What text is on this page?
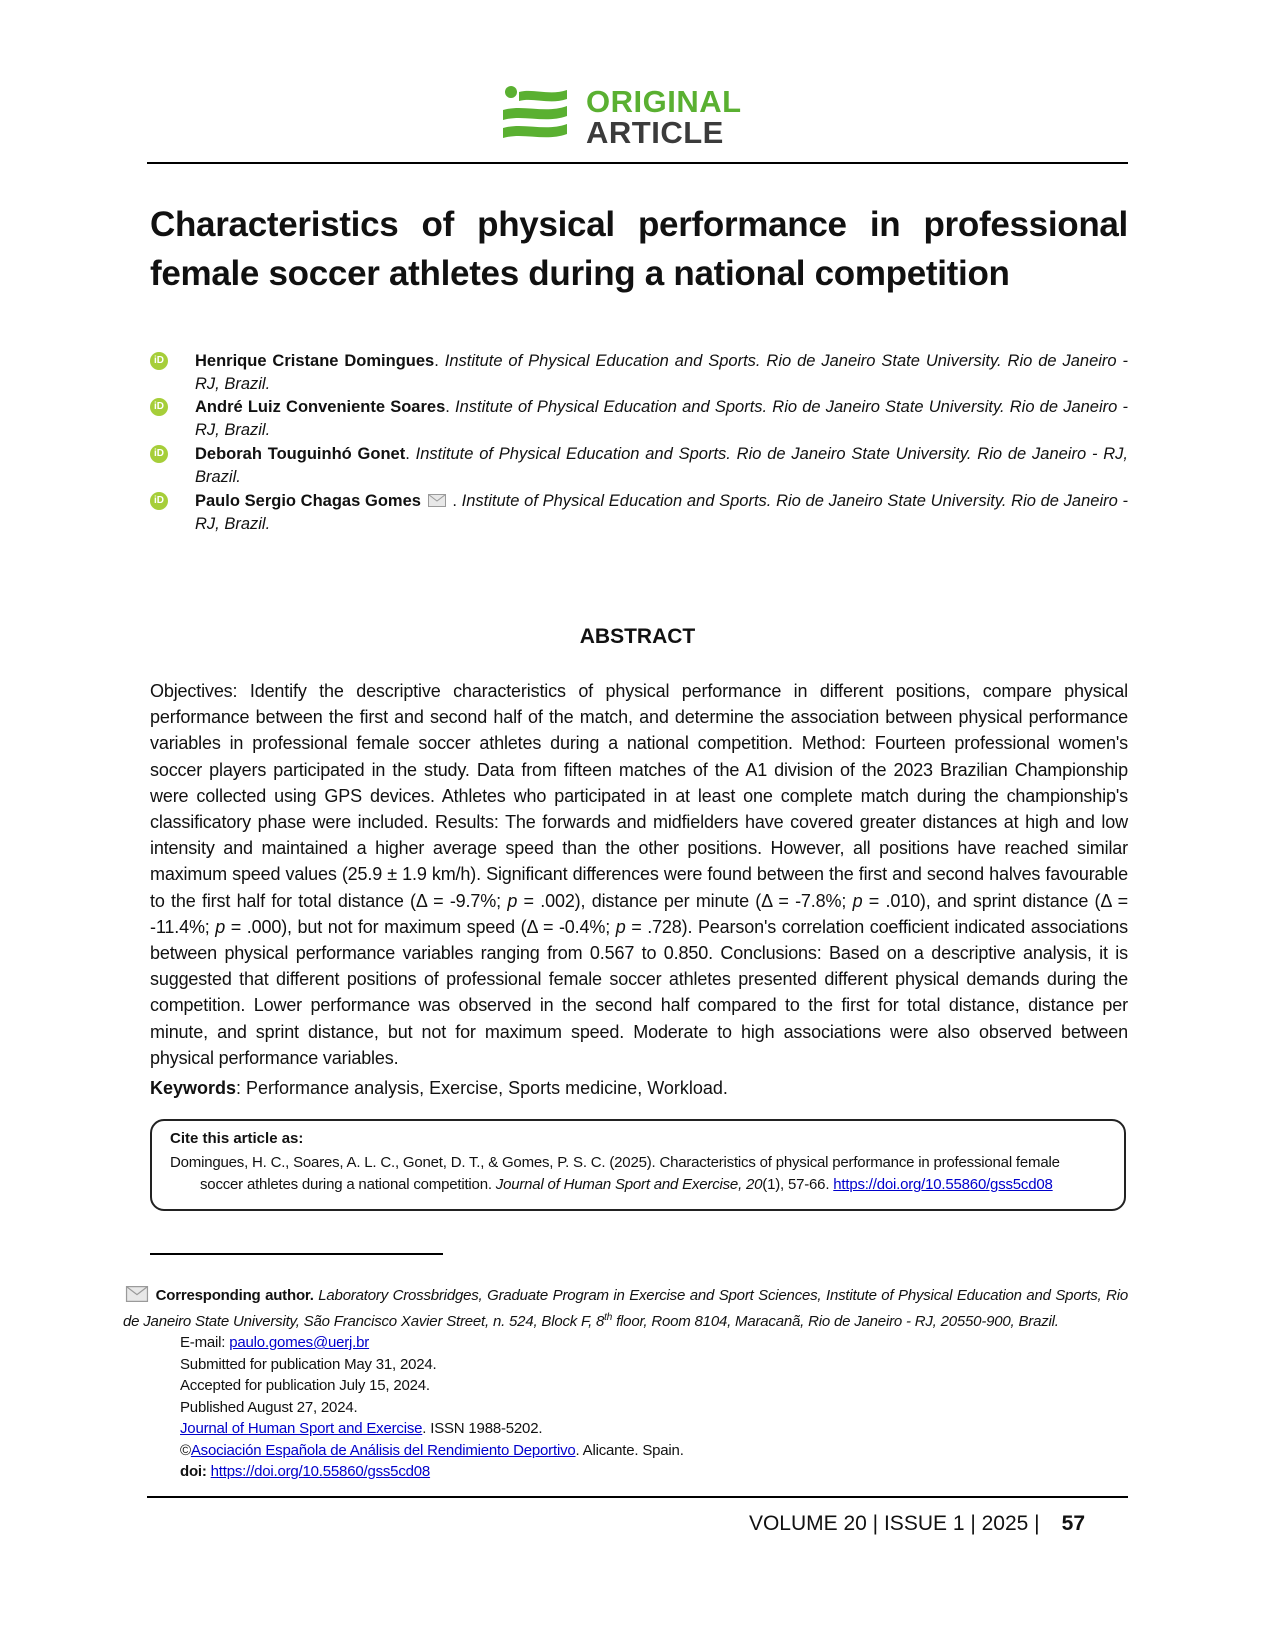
ORIGINAL
ARTICLE
Characteristics of physical performance in professional female soccer athletes during a national competition
iD Henrique Cristane Domingues. Institute of Physical Education and Sports. Rio de Janeiro State University. Rio de Janeiro - RJ, Brazil.
iD André Luiz Conveniente Soares. Institute of Physical Education and Sports. Rio de Janeiro State University. Rio de Janeiro - RJ, Brazil.
iD Deborah Touguinhó Gonet. Institute of Physical Education and Sports. Rio de Janeiro State University. Rio de Janeiro - RJ, Brazil.
iD Paulo Sergio Chagas Gomes  . Institute of Physical Education and Sports. Rio de Janeiro State University. Rio de Janeiro - RJ, Brazil.
ABSTRACT
Objectives: Identify the descriptive characteristics of physical performance in different positions, compare physical performance between the first and second half of the match, and determine the association between physical performance variables in professional female soccer athletes during a national competition. Method: Fourteen professional women's soccer players participated in the study. Data from fifteen matches of the A1 division of the 2023 Brazilian Championship were collected using GPS devices. Athletes who participated in at least one complete match during the championship's classificatory phase were included. Results: The forwards and midfielders have covered greater distances at high and low intensity and maintained a higher average speed than the other positions. However, all positions have reached similar maximum speed values (25.9 ± 1.9 km/h). Significant differences were found between the first and second halves favourable to the first half for total distance (Δ = -9.7%; p = .002), distance per minute (Δ = -7.8%; p = .010), and sprint distance (Δ = -11.4%; p = .000), but not for maximum speed (Δ = -0.4%; p = .728). Pearson's correlation coefficient indicated associations between physical performance variables ranging from 0.567 to 0.850. Conclusions: Based on a descriptive analysis, it is suggested that different positions of professional female soccer athletes presented different physical demands during the competition. Lower performance was observed in the second half compared to the first for total distance, distance per minute, and sprint distance, but not for maximum speed. Moderate to high associations were also observed between physical performance variables.
Keywords: Performance analysis, Exercise, Sports medicine, Workload.
Cite this article as:
Domingues, H. C., Soares, A. L. C., Gonet, D. T., & Gomes, P. S. C. (2025). Characteristics of physical performance in professional female
soccer athletes during a national competition. Journal of Human Sport and Exercise, 20(1), 57-66. https://doi.org/10.55860/gss5cd08
Corresponding author. Laboratory Crossbridges, Graduate Program in Exercise and Sport Sciences, Institute of Physical Education and Sports, Rio de Janeiro State University, São Francisco Xavier Street, n. 524, Block F, 8th floor, Room 8104, Maracanã, Rio de Janeiro - RJ, 20550-900, Brazil.
E-mail: paulo.gomes@uerj.br
Submitted for publication May 31, 2024.
Accepted for publication July 15, 2024.
Published August 27, 2024.
Journal of Human Sport and Exercise. ISSN 1988-5202.
©Asociación Española de Análisis del Rendimiento Deportivo. Alicante. Spain.
doi: https://doi.org/10.55860/gss5cd08
VOLUME 20 | ISSUE 1 | 2025 | 57
